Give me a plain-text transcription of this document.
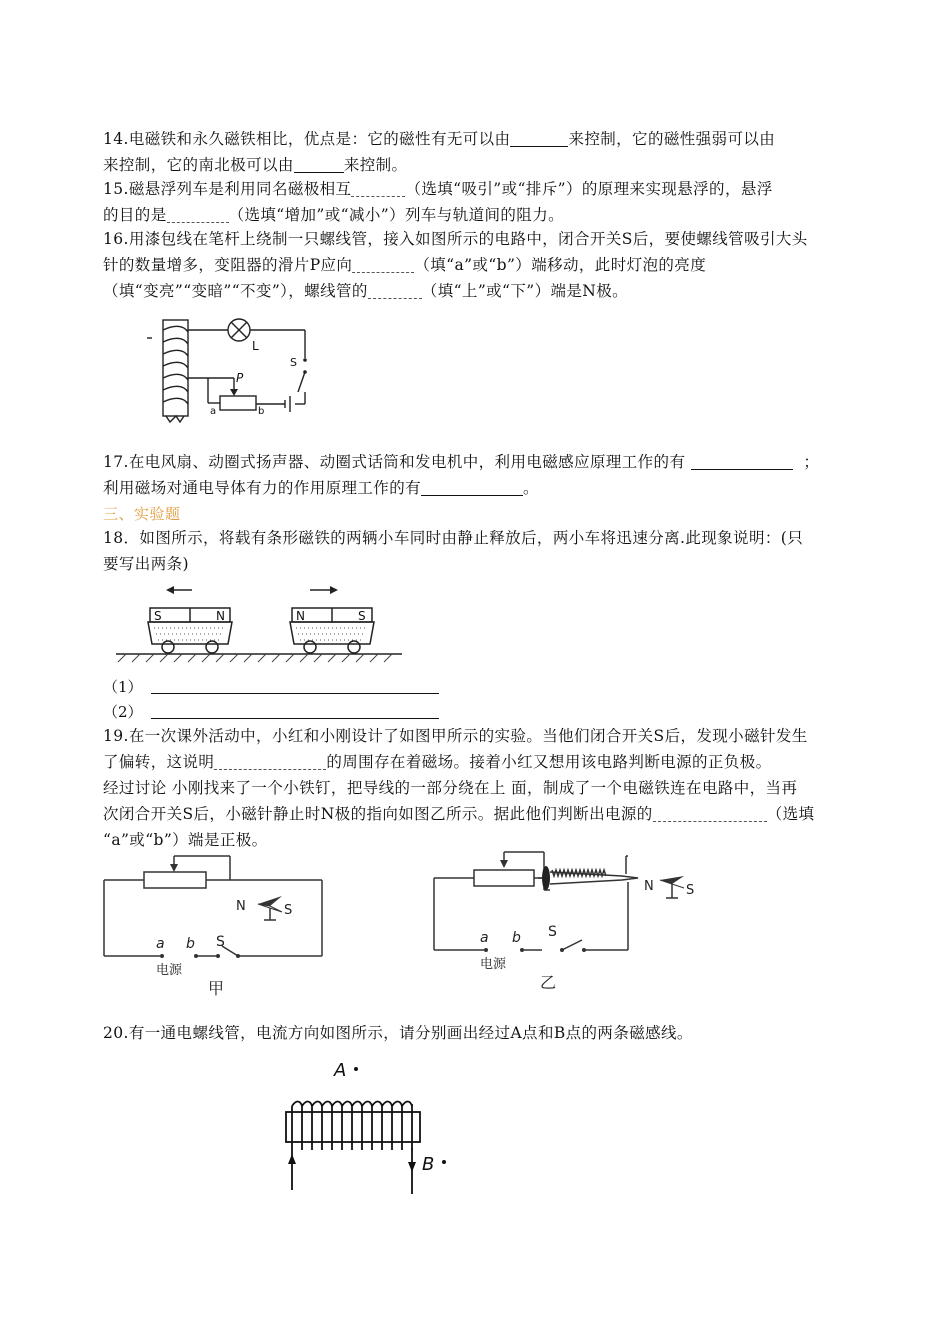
14.电磁铁和永久磁铁相比，优点是：它的磁性有无可以由	来控制，它的磁性强弱可以由

来控制，它的南北极可以由	来控制。

15.磁悬浮列车是利用同名磁极相互	（选填“吸引”或“排斥”）的原理来实现悬浮的，悬浮

的目的是	（选填“增加”或“减小”）列车与轨道间的阻力。

16.用漆包线在笔杆上绕制一只螺线管，接入如图所示的电路中，闭合开关S后，要使螺线管吸引大头

针的数量增多，变阻器的滑片P应向	（填“a”或“b”）端移动，此时灯泡的亮度

（填“变亮”“变暗”“不变”），螺线管的	（填“上”或“下”）端是N极。

L
S
P
a	b

17.在电风扇、动圈式扬声器、动圈式话筒和发电机中，利用电磁感应原理工作的有	；

利用磁场对通电导体有力的作用原理工作的有	。

三、实验题

18．如图所示，将载有条形磁铁的两辆小车同时由静止释放后，两小车将迅速分离.此现象说明：(只

要写出两条)

S	N	N	S
（1）
（2）

19.在一次课外活动中，小红和小刚设计了如图甲所示的实验。当他们闭合开关S后，发现小磁针发生

了偏转，这说明	的周围存在着磁场。接着小红又想用该电路判断电源的正负极。

经过讨论 小刚找来了一个小铁钉，把导线的一部分绕在上 面，制成了一个电磁铁连在电路中，当再

次闭合开关S后，小磁针静止时N极的指向如图乙所示。据此他们判断出电源的	（选填

“a”或“b”）端是正极。

N	S
a b S
电源
甲
N S
a b S
电源
乙

20.有一通电螺线管，电流方向如图所示，请分别画出经过A点和B点的两条磁感线。

A
B
